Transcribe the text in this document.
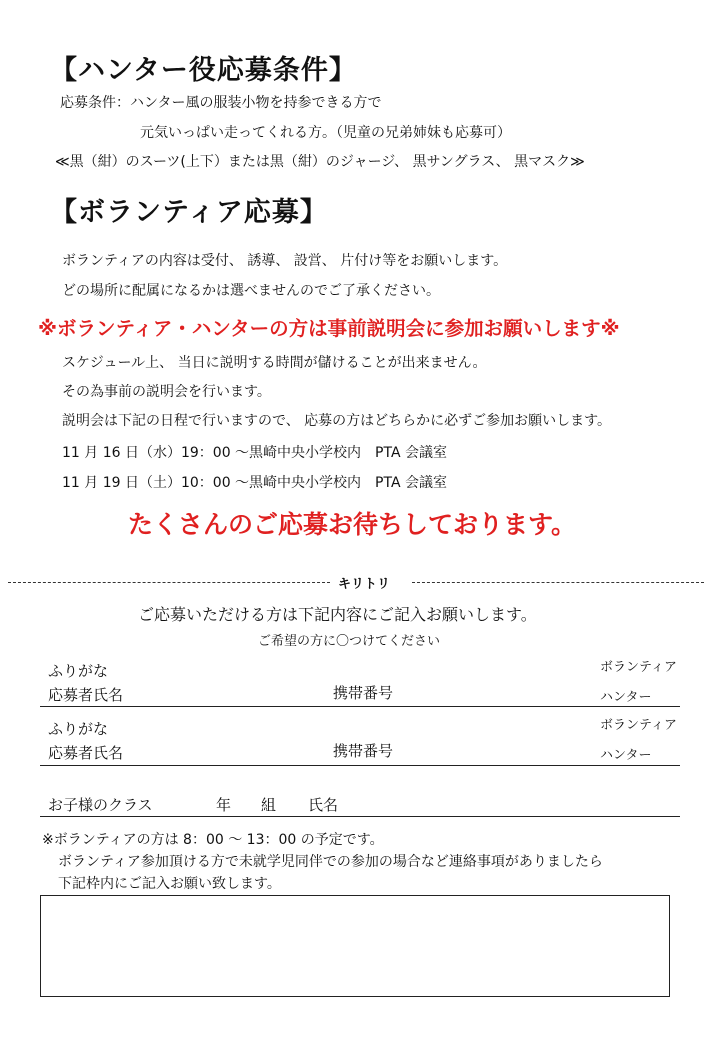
【ハンター役応募条件】
応募条件：ハンター風の服装小物を持参できる方で
元気いっぱい走ってくれる方。（児童の兄弟姉妹も応募可）
≪黒（紺）のスーツ(上下）または黒（紺）のジャージ、 黒サングラス、 黒マスク≫
【ボランティア応募】
ボランティアの内容は受付、 誘導、 設営、 片付け等をお願いします。
どの場所に配属になるかは選べませんのでご了承ください。
※ボランティア・ハンターの方は事前説明会に参加お願いします※
スケジュール上、 当日に説明する時間が儲けることが出来ません。
その為事前の説明会を行います。
説明会は下記の日程で行いますので、 応募の方はどちらかに必ずご参加お願いします。
11 月 16 日（水）19：00 ～黒崎中央小学校内　PTA 会議室
11 月 19 日（土）10：00 ～黒崎中央小学校内　PTA 会議室
たくさんのご応募お待ちしております。
キリトリ
ご応募いただける方は下記内容にご記入お願いします。
ご希望の方に〇つけてください
ふりがな
応募者氏名	携帯番号
ボランティア
ハンター
ふりがな
応募者氏名	携帯番号
ボランティア
ハンター
お子様のクラス	年 組 氏名
※ボランティアの方は 8：00 ～ 13：00 の予定です。
ボランティア参加頂ける方で未就学児同伴での参加の場合など連絡事項がありましたら
下記枠内にご記入お願い致します。
